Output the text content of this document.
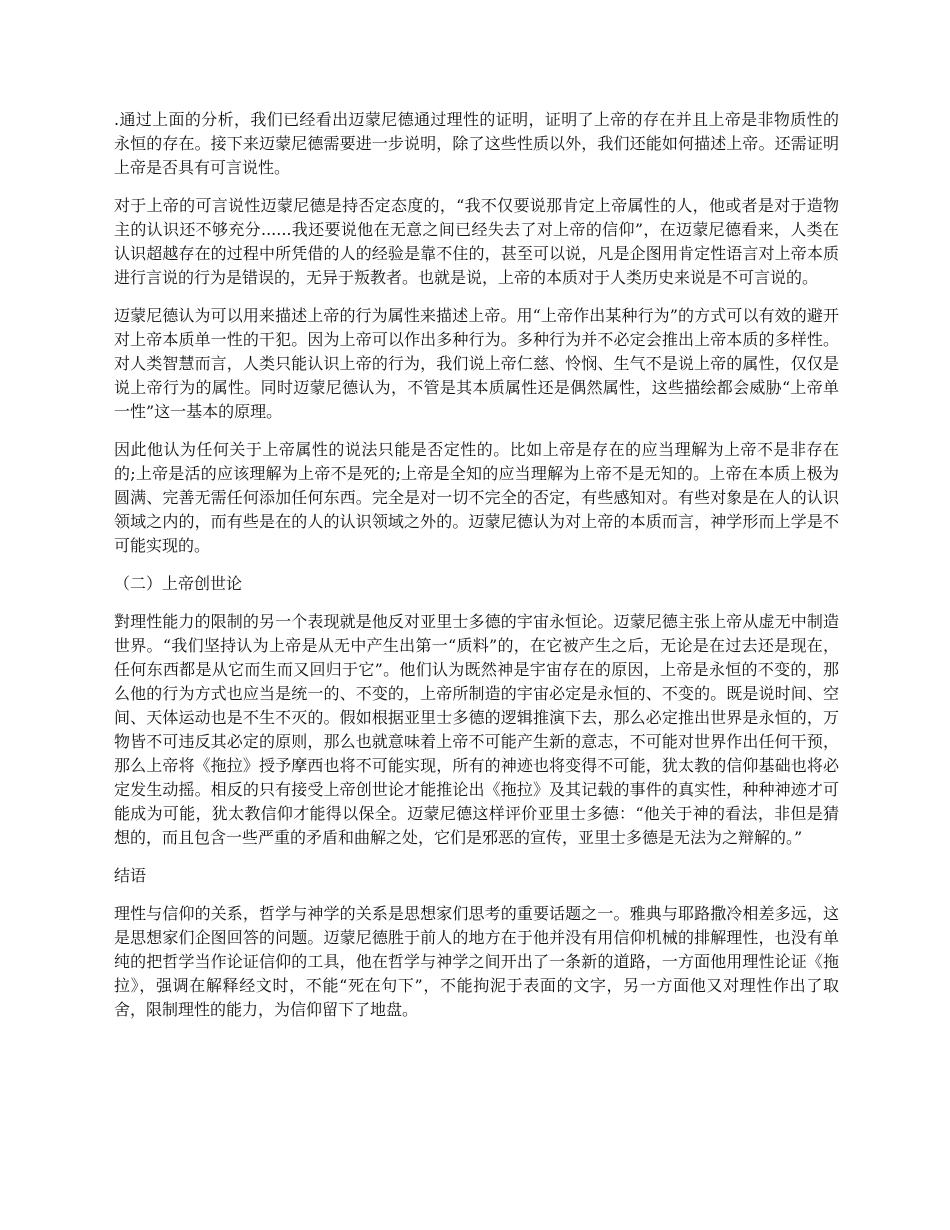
.通过上面的分析，我们已经看出迈蒙尼德通过理性的证明，证明了上帝的存在并且上帝是非物质性的永恒的存在。接下来迈蒙尼德需要进一步说明，除了这些性质以外，我们还能如何描述上帝。还需证明上帝是否具有可言说性。

对于上帝的可言说性迈蒙尼德是持否定态度的，“我不仅要说那肯定上帝属性的人，他或者是对于造物主的认识还不够充分......我还要说他在无意之间已经失去了对上帝的信仰”，在迈蒙尼德看来，人类在认识超越存在的过程中所凭借的人的经验是靠不住的，甚至可以说，凡是企图用肯定性语言对上帝本质进行言说的行为是错误的，无异于叛教者。也就是说，上帝的本质对于人类历史来说是不可言说的。

迈蒙尼德认为可以用来描述上帝的行为属性来描述上帝。用“上帝作出某种行为”的方式可以有效的避开对上帝本质单一性的干犯。因为上帝可以作出多种行为。多种行为并不必定会推出上帝本质的多样性。对人类智慧而言，人类只能认识上帝的行为，我们说上帝仁慈、怜悯、生气不是说上帝的属性，仅仅是说上帝行为的属性。同时迈蒙尼德认为，不管是其本质属性还是偶然属性，这些描绘都会威胁“上帝单一性”这一基本的原理。

因此他认为任何关于上帝属性的说法只能是否定性的。比如上帝是存在的应当理解为上帝不是非存在的;上帝是活的应该理解为上帝不是死的;上帝是全知的应当理解为上帝不是无知的。上帝在本质上极为圆满、完善无需任何添加任何东西。完全是对一切不完全的否定，有些感知对。有些对象是在人的认识领域之内的，而有些是在的人的认识领域之外的。迈蒙尼德认为对上帝的本质而言，神学形而上学是不可能实现的。

（二）上帝创世论

對理性能力的限制的另一个表现就是他反对亚里士多德的宇宙永恒论。迈蒙尼德主张上帝从虚无中制造世界。“我们坚持认为上帝是从无中产生出第一“质料”的，在它被产生之后，无论是在过去还是现在，任何东西都是从它而生而又回归于它”。他们认为既然神是宇宙存在的原因，上帝是永恒的不变的，那么他的行为方式也应当是统一的、不变的，上帝所制造的宇宙必定是永恒的、不变的。既是说时间、空间、天体运动也是不生不灭的。假如根据亚里士多德的逻辑推演下去，那么必定推出世界是永恒的，万物皆不可违反其必定的原则，那么也就意味着上帝不可能产生新的意志，不可能对世界作出任何干预，那么上帝将《拖拉》授予摩西也将不可能实现，所有的神迹也将变得不可能，犹太教的信仰基础也将必定发生动摇。相反的只有接受上帝创世论才能推论出《拖拉》及其记载的事件的真实性，种种神迹才可能成为可能，犹太教信仰才能得以保全。迈蒙尼德这样评价亚里士多德：“他关于神的看法，非但是猜想的，而且包含一些严重的矛盾和曲解之处，它们是邪恶的宣传，亚里士多德是无法为之辩解的。”

结语

理性与信仰的关系，哲学与神学的关系是思想家们思考的重要话题之一。雅典与耶路撒冷相差多远，这是思想家们企图回答的问题。迈蒙尼德胜于前人的地方在于他并没有用信仰机械的排解理性，也没有单纯的把哲学当作论证信仰的工具，他在哲学与神学之间开出了一条新的道路，一方面他用理性论证《拖拉》，强调在解释经文时，不能“死在句下”，不能拘泥于表面的文字，另一方面他又对理性作出了取舍，限制理性的能力，为信仰留下了地盘。
